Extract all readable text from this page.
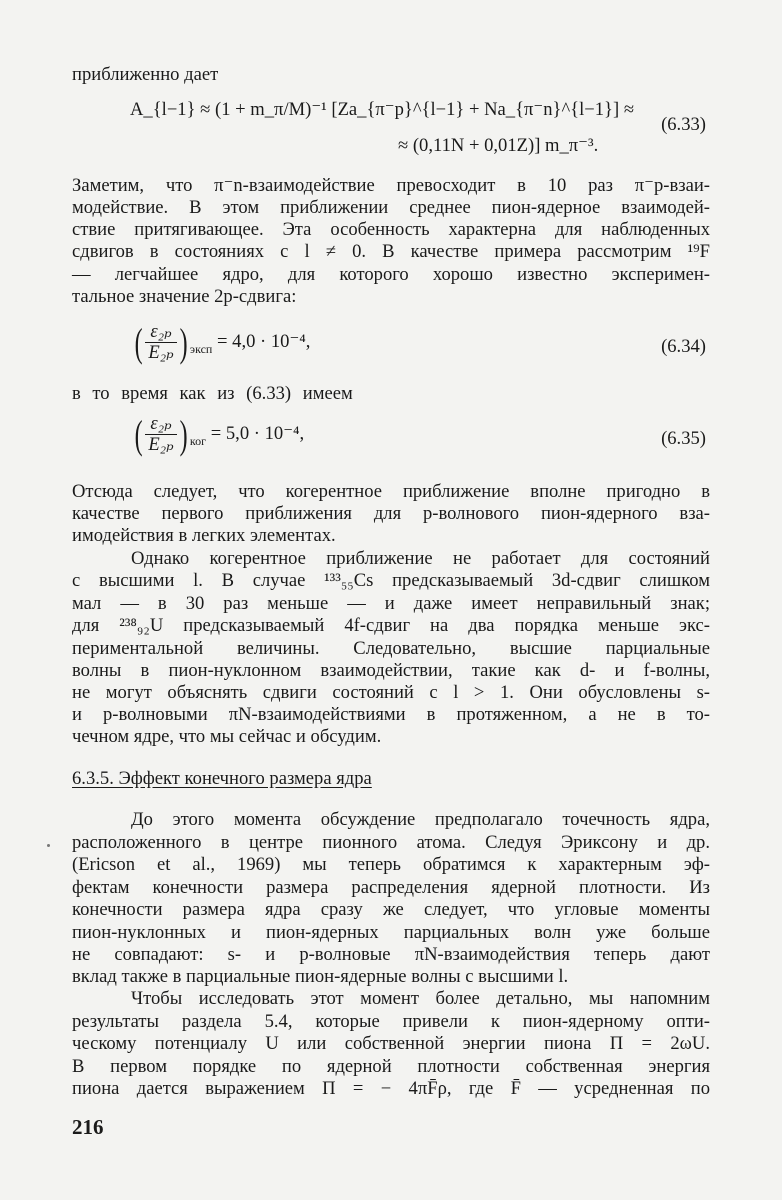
приближенно дает
A_{l−1} ≈ (1 + m_π/M)⁻¹ [Za_{π⁻p}^{l−1} + Na_{π⁻n}^{l−1}] ≈
≈ (0,11N + 0,01Z)] m_π⁻³.
(6.33)
Заметим, что π⁻n-взаимодействие превосходит в 10 раз π⁻p-взаи-
модействие. В этом приближении среднее пион-ядерное взаимодей-
ствие притягивающее. Эта особенность характерна для наблюденных
сдвигов в состояниях с l ≠ 0. В качестве примера рассмотрим ¹⁹F
— легчайшее ядро, для которого хорошо известно эксперимен-
тальное значение 2p-сдвига:
( $\frac{\text{ε₂ₚ}}{\text{E₂ₚ}}$ ) $_{эксп}$ = 4,0 · 10⁻⁴,	(6.34)
в то время как из (6.33) имеем
( $\frac{\text{ε₂ₚ}}{\text{E₂ₚ}}$ ) $_{ког}$ = 5,0 · 10⁻⁴,	(6.35)
Отсюда следует, что когерентное приближение вполне пригодно в
качестве первого приближения для p-волнового пион-ядерного вза-
имодействия в легких элементах.
Однако когерентное приближение не работает для состояний
с высшими l. В случае ¹³³₅₅Cs предсказываемый 3d-сдвиг слишком
мал — в 30 раз меньше — и даже имеет неправильный знак;
для ²³⁸₉₂U предсказываемый 4f-сдвиг на два порядка меньше экс-
периментальной величины. Следовательно, высшие парциальные
волны в пион-нуклонном взаимодействии, такие как d- и f-волны,
не могут объяснять сдвиги состояний с l > 1. Они обусловлены s-
и p-волновыми πN-взаимодействиями в протяженном, а не в то-
чечном ядре, что мы сейчас и обсудим.
6.3.5. Эффект конечного размера ядра
До этого момента обсуждение предполагало точечность ядра,
расположенного в центре пионного атома. Следуя Эриксону и др.
(Ericson et al., 1969) мы теперь обратимся к характерным эф-
фектам конечности размера распределения ядерной плотности. Из
конечности размера ядра сразу же следует, что угловые моменты
пион-нуклонных и пион-ядерных парциальных волн уже больше
не совпадают: s- и p-волновые πN-взаимодействия теперь дают
вклад также в парциальные пион-ядерные волны с высшими l.
Чтобы исследовать этот момент более детально, мы напомним
результаты раздела 5.4, которые привели к пион-ядерному опти-
ческому потенциалу U или собственной энергии пиона Π = 2ωU.
В первом порядке по ядерной плотности собственная энергия
пиона дается выражением Π = − 4πF̄ρ, где F̄ — усредненная по
216
